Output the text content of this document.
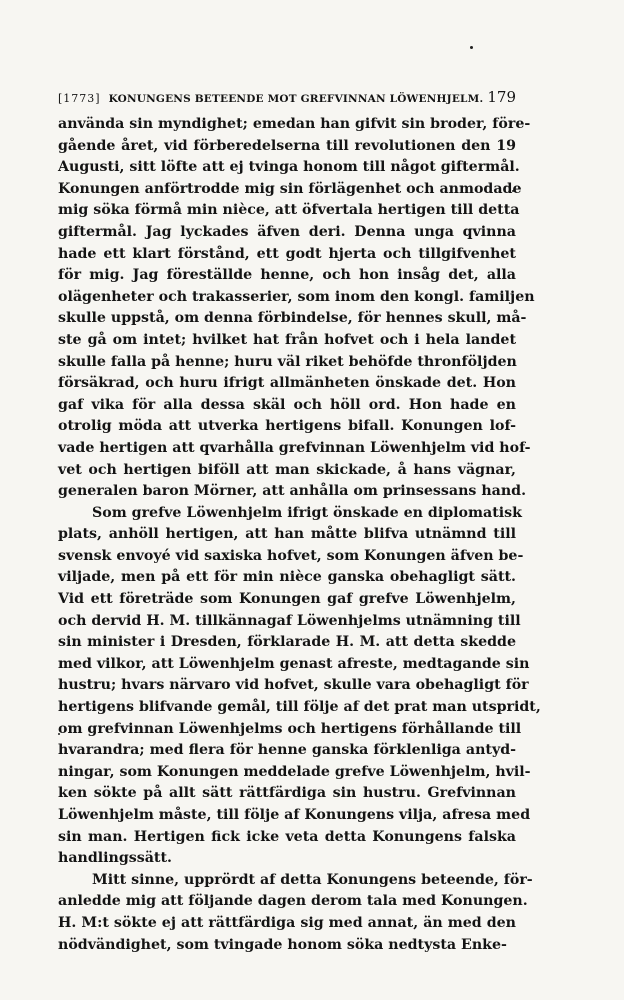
[1773] KONUNGENS BETEENDE MOT GREFVINNAN LÖWENHJELM. 179

använda sin myndighet; emedan han gifvit sin broder, före-
gående året, vid förberedelserna till revolutionen den 19
Augusti, sitt löfte att ej tvinga honom till något giftermål.
Konungen anförtrodde mig sin förlägenhet och anmodade
mig söka förmå min nièce, att öfvertala hertigen till detta
giftermål. Jag lyckades äfven deri. Denna unga qvinna
hade ett klart förstånd, ett godt hjerta och tillgifvenhet
för mig. Jag föreställde henne, och hon insåg det, alla
olägenheter och trakasserier, som inom den kongl. familjen
skulle uppstå, om denna förbindelse, för hennes skull, må-
ste gå om intet; hvilket hat från hofvet och i hela landet
skulle falla på henne; huru väl riket behöfde thronföljden
försäkrad, och huru ifrigt allmänheten önskade det. Hon
gaf vika för alla dessa skäl och höll ord. Hon hade en
otrolig möda att utverka hertigens bifall. Konungen lof-
vade hertigen att qvarhålla grefvinnan Löwenhjelm vid hof-
vet och hertigen biföll att man skickade, å hans vägnar,
generalen baron Mörner, att anhålla om prinsessans hand.

Som grefve Löwenhjelm ifrigt önskade en diplomatisk
plats, anhöll hertigen, att han måtte blifva utnämnd till
svensk envoyé vid saxiska hofvet, som Konungen äfven be-
viljade, men på ett för min nièce ganska obehagligt sätt.
Vid ett företräde som Konungen gaf grefve Löwenhjelm,
och dervid H. M. tillkännagaf Löwenhjelms utnämning till
sin minister i Dresden, förklarade H. M. att detta skedde
med vilkor, att Löwenhjelm genast afreste, medtagande sin
hustru; hvars närvaro vid hofvet, skulle vara obehagligt för
hertigens blifvande gemål, till följe af det prat man utspridt,
om grefvinnan Löwenhjelms och hertigens förhållande till
hvarandra; med flera för henne ganska förklenliga antyd-
ningar, som Konungen meddelade grefve Löwenhjelm, hvil-
ken sökte på allt sätt rättfärdiga sin hustru. Grefvinnan
Löwenhjelm måste, till följe af Konungens vilja, afresa med
sin man. Hertigen fick icke veta detta Konungens falska
handlingssätt.

Mitt sinne, upprördt af detta Konungens beteende, för-
anledde mig att följande dagen derom tala med Konungen.
H. M:t sökte ej att rättfärdiga sig med annat, än med den
nödvändighet, som tvingade honom söka nedtysta Enke-
